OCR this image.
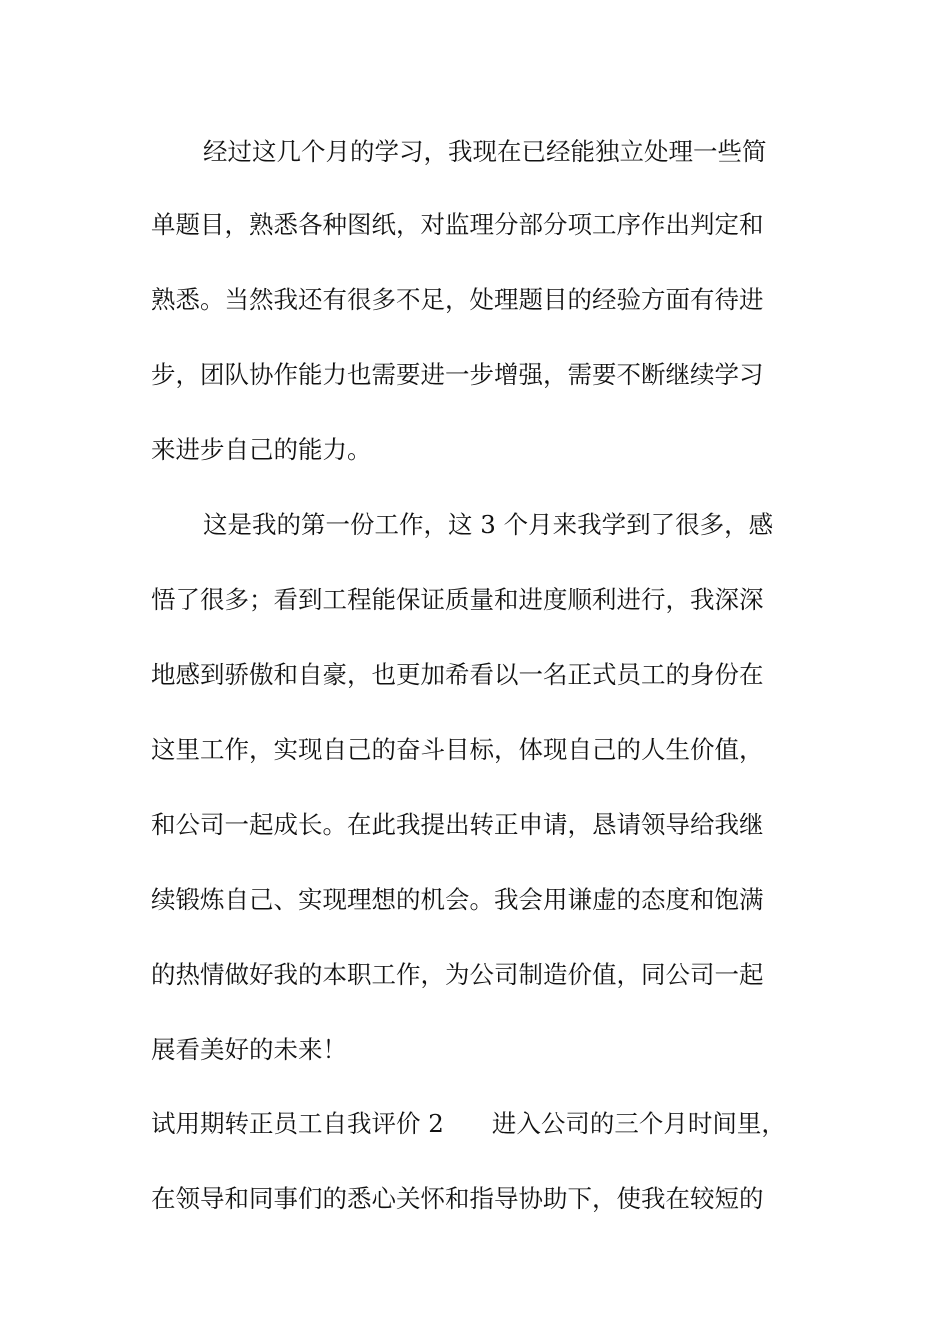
经过这几个月的学习，我现在已经能独立处理一些简
单题目，熟悉各种图纸，对监理分部分项工序作出判定和
熟悉。当然我还有很多不足，处理题目的经验方面有待进
步，团队协作能力也需要进一步增强，需要不断继续学习
来进步自己的能力。
这是我的第一份工作，这 3 个月来我学到了很多，感
悟了很多；看到工程能保证质量和进度顺利进行，我深深
地感到骄傲和自豪，也更加希看以一名正式员工的身份在
这里工作，实现自己的奋斗目标，体现自己的人生价值，
和公司一起成长。在此我提出转正申请，恳请领导给我继
续锻炼自己、实现理想的机会。我会用谦虚的态度和饱满
的热情做好我的本职工作，为公司制造价值，同公司一起
展看美好的未来！
试用期转正员工自我评价 2 进入公司的三个月时间里，
在领导和同事们的悉心关怀和指导协助下，使我在较短的
